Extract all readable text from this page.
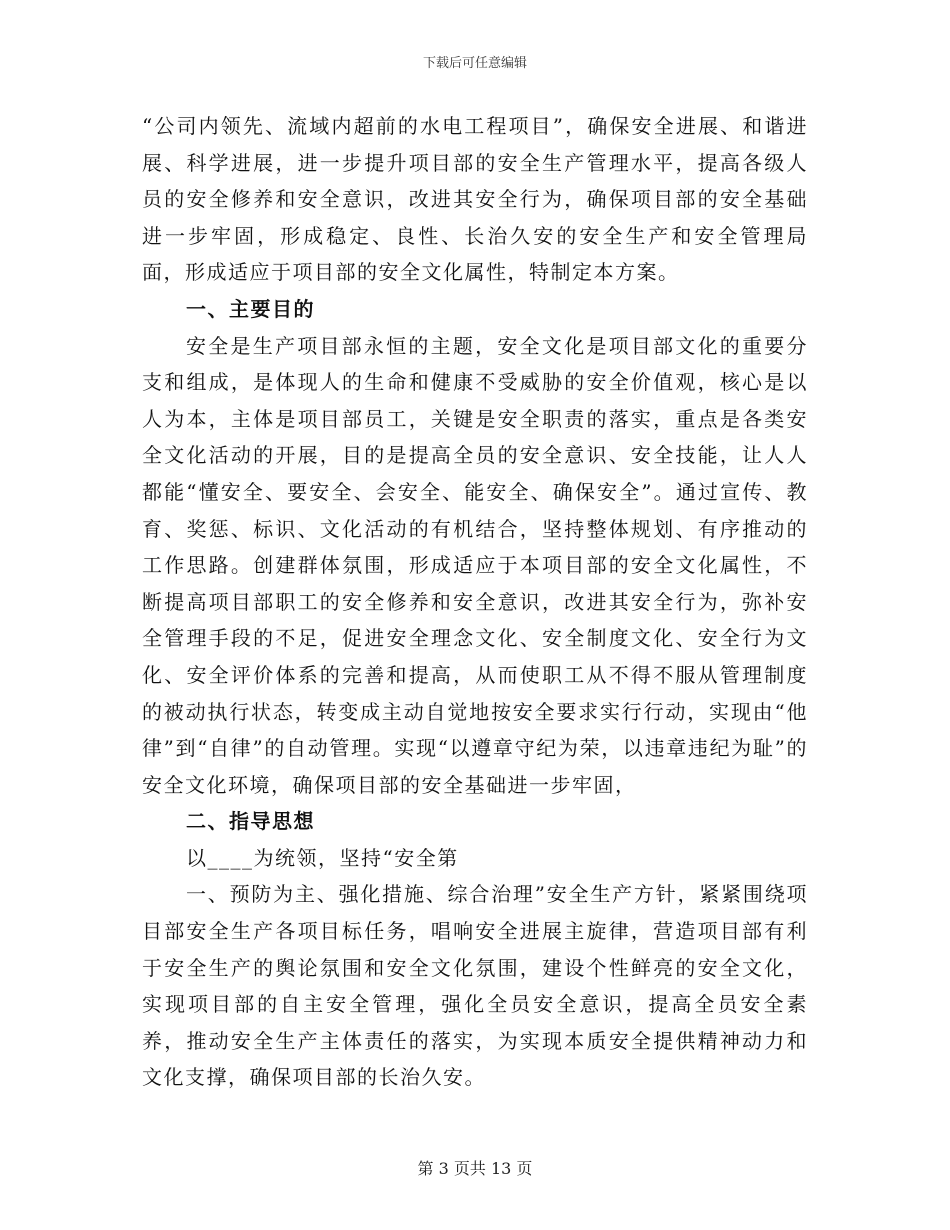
下载后可任意编辑

“公司内领先、流域内超前的水电工程项目”，确保安全进展、和谐进展、科学进展，进一步提升项目部的安全生产管理水平，提高各级人员的安全修养和安全意识，改进其安全行为，确保项目部的安全基础进一步牢固，形成稳定、良性、长治久安的安全生产和安全管理局面，形成适应于项目部的安全文化属性，特制定本方案。

一、主要目的

安全是生产项目部永恒的主题，安全文化是项目部文化的重要分支和组成，是体现人的生命和健康不受威胁的安全价值观，核心是以人为本，主体是项目部员工，关键是安全职责的落实，重点是各类安全文化活动的开展，目的是提高全员的安全意识、安全技能，让人人都能“懂安全、要安全、会安全、能安全、确保安全”。通过宣传、教育、奖惩、标识、文化活动的有机结合，坚持整体规划、有序推动的工作思路。创建群体氛围，形成适应于本项目部的安全文化属性，不断提高项目部职工的安全修养和安全意识，改进其安全行为，弥补安全管理手段的不足，促进安全理念文化、安全制度文化、安全行为文化、安全评价体系的完善和提高，从而使职工从不得不服从管理制度的被动执行状态，转变成主动自觉地按安全要求实行行动，实现由“他律”到“自律”的自动管理。实现“以遵章守纪为荣，以违章违纪为耻”的安全文化环境，确保项目部的安全基础进一步牢固，

二、指导思想

以____为统领，坚持“安全第

一、预防为主、强化措施、综合治理”安全生产方针，紧紧围绕项目部安全生产各项目标任务，唱响安全进展主旋律，营造项目部有利于安全生产的舆论氛围和安全文化氛围，建设个性鲜亮的安全文化，实现项目部的自主安全管理，强化全员安全意识，提高全员安全素养，推动安全生产主体责任的落实，为实现本质安全提供精神动力和文化支撑，确保项目部的长治久安。

第 3 页共 13 页
